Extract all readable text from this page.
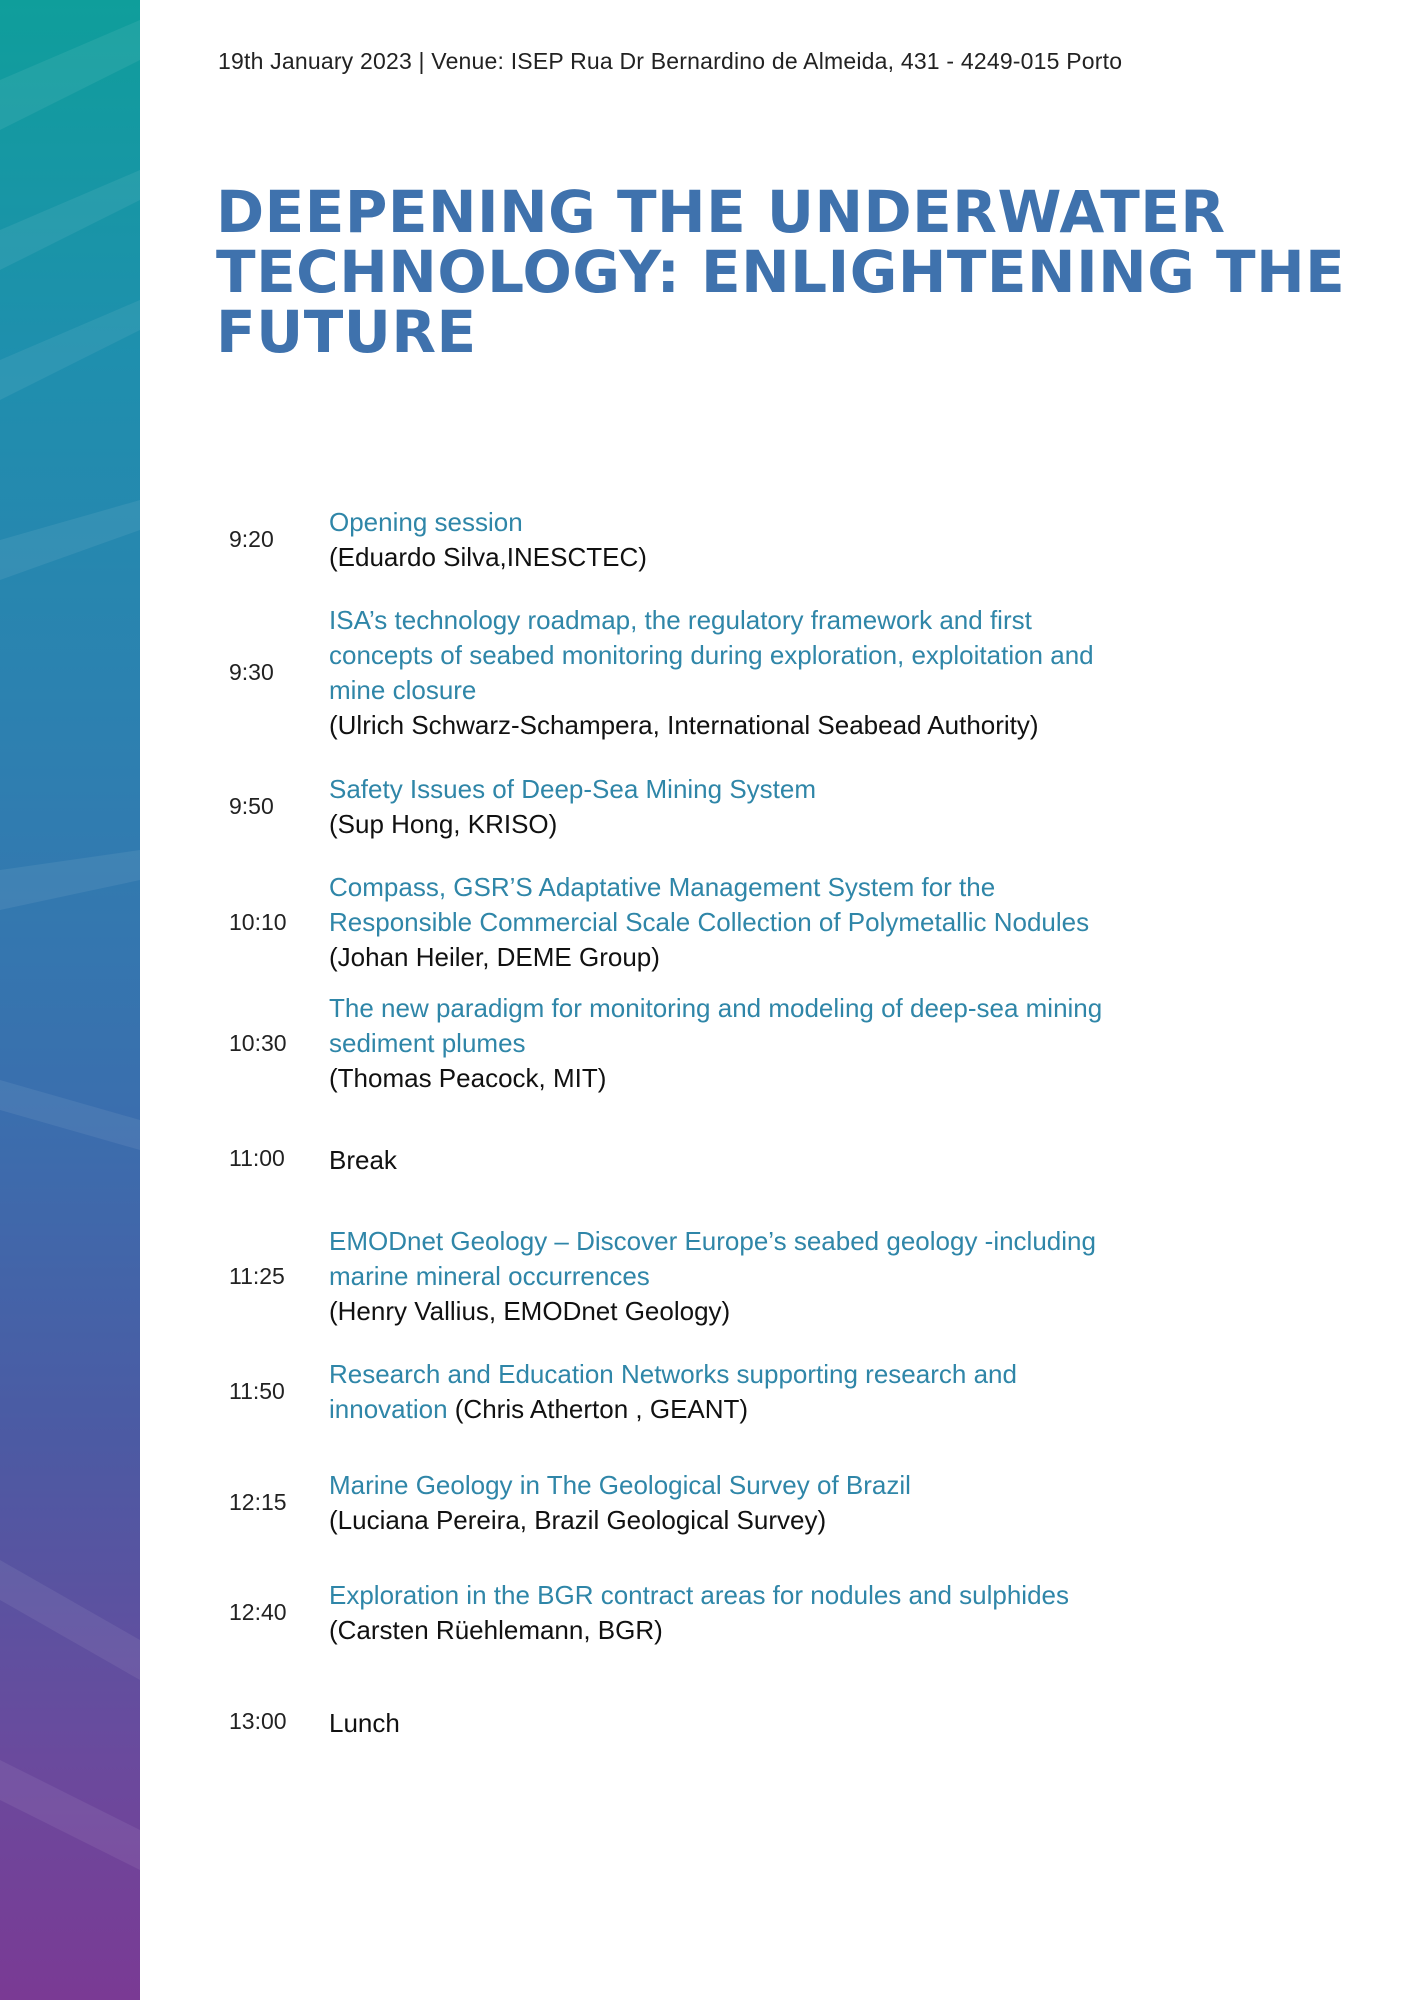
19th January 2023 | Venue: ISEP Rua Dr Bernardino de Almeida, 431 - 4249-015 Porto
DEEPENING THE UNDERWATER
TECHNOLOGY: ENLIGHTENING THE
FUTURE
9:20
Opening session
(Eduardo Silva,INESCTEC)
9:30
ISA’s technology roadmap, the regulatory framework and first
concepts of seabed monitoring during exploration, exploitation and
mine closure
(Ulrich Schwarz-Schampera, International Seabead Authority)
9:50
Safety Issues of Deep-Sea Mining System
(Sup Hong, KRISO)
10:10
Compass, GSR’S Adaptative Management System for the
Responsible Commercial Scale Collection of Polymetallic Nodules
(Johan Heiler, DEME Group)
10:30
The new paradigm for monitoring and modeling of deep-sea mining
sediment plumes
(Thomas Peacock, MIT)
11:00 Break
11:25
EMODnet Geology – Discover Europe’s seabed geology -including
marine mineral occurrences
(Henry Vallius, EMODnet Geology)
11:50
Research and Education Networks supporting research and
innovation (Chris Atherton , GEANT)
12:15
Marine Geology in The Geological Survey of Brazil
(Luciana Pereira, Brazil Geological Survey)
12:40
Exploration in the BGR contract areas for nodules and sulphides
(Carsten Rüehlemann, BGR)
13:00 Lunch
